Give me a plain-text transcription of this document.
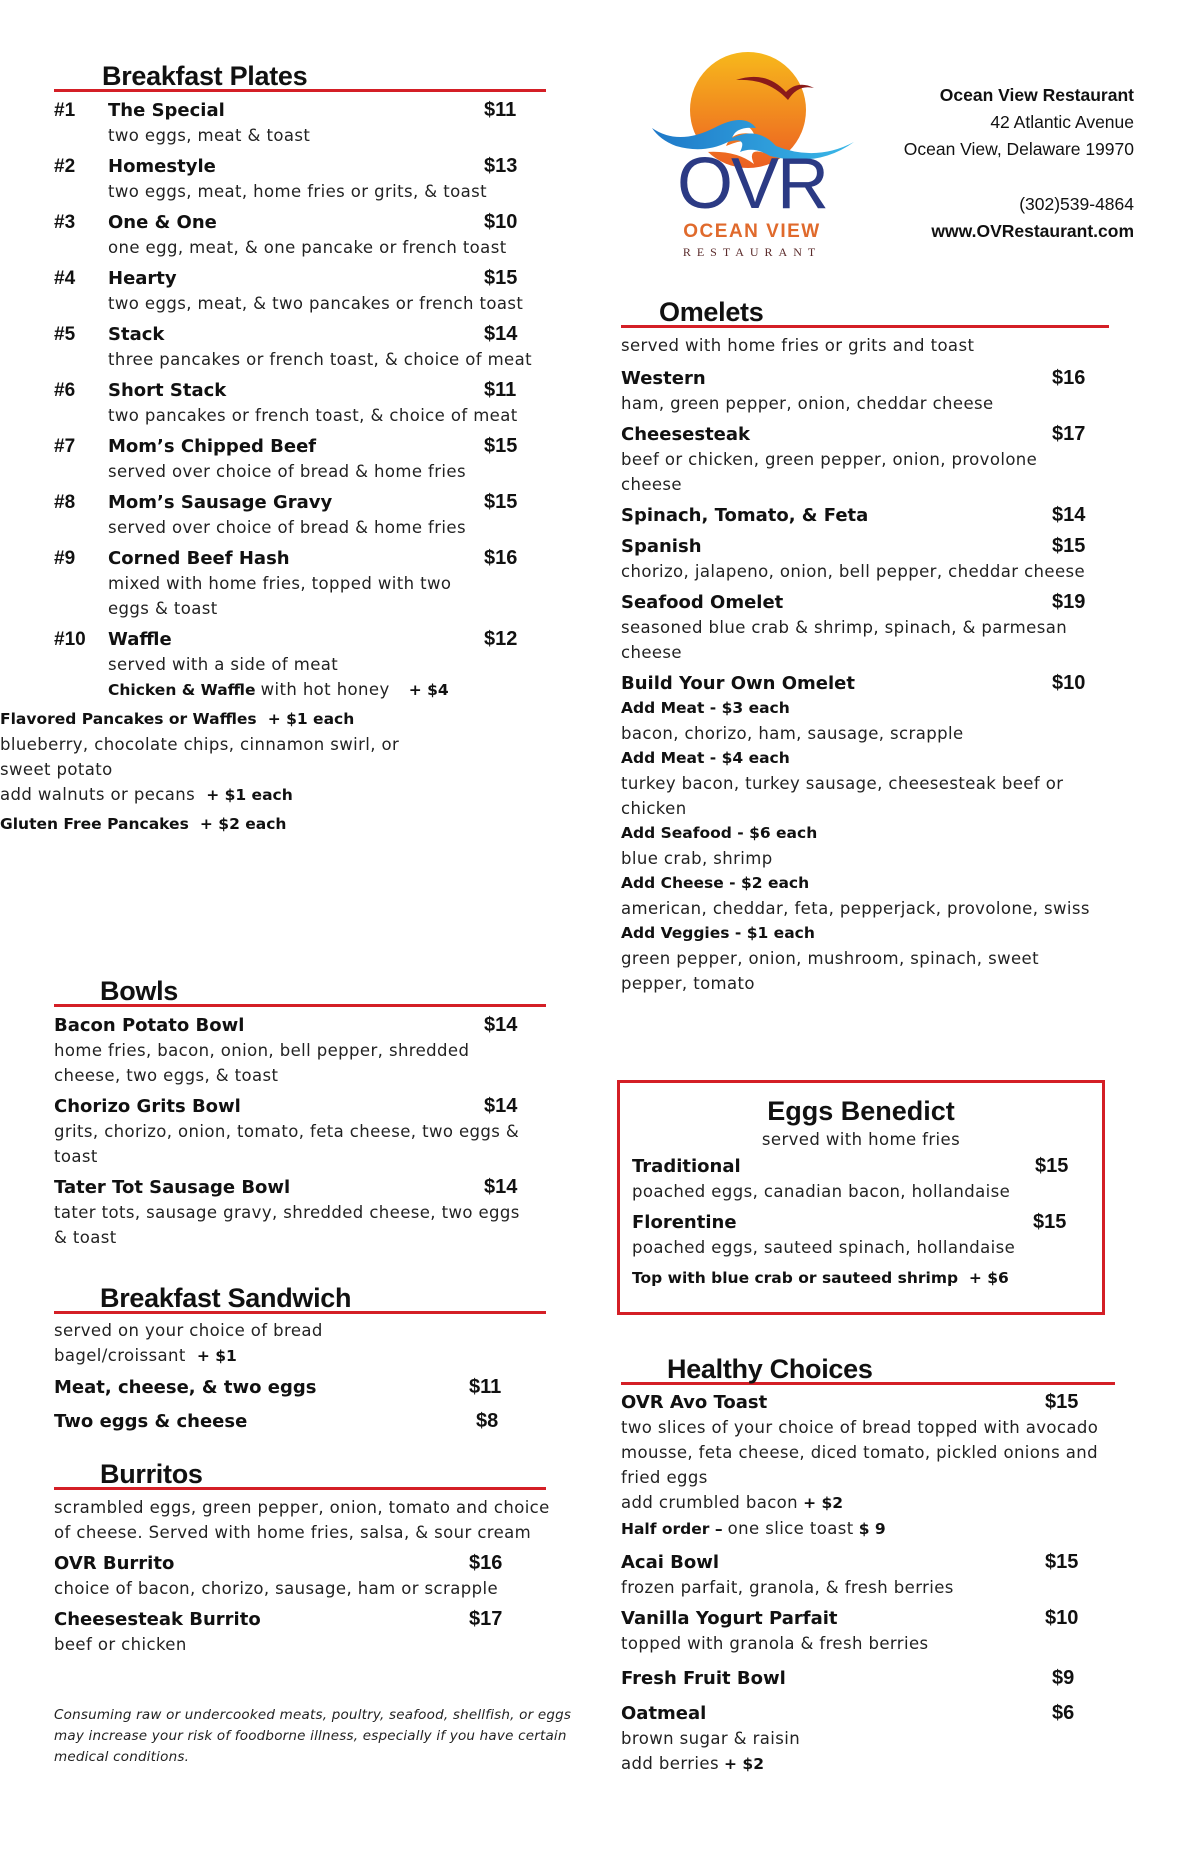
Breakfast Plates
#1 The Special	$11
two eggs, meat & toast
#2 Homestyle	$13
two eggs, meat, home fries or grits, & toast
#3 One & One	$10
one egg, meat, & one pancake or french toast
#4 Hearty	$15
two eggs, meat, & two pancakes or french toast
#5 Stack	$14
three pancakes or french toast, & choice of meat
#6 Short Stack	$11
two pancakes or french toast, & choice of meat
#7 Mom’s Chipped Beef	$15
served over choice of bread & home fries
#8 Mom’s Sausage Gravy	$15
served over choice of bread & home fries
#9 Corned Beef Hash	$16
mixed with home fries, topped with two eggs & toast
#10 Waffle	$12
served with a side of meat
Chicken & Waffle with hot honey + $4
Flavored Pancakes or Waffles + $1 each
blueberry, chocolate chips, cinnamon swirl, or sweet potato
add walnuts or pecans + $1 each
Gluten Free Pancakes + $2 each
Bowls
Bacon Potato Bowl	$14
home fries, bacon, onion, bell pepper, shredded cheese, two eggs, & toast
Chorizo Grits Bowl	$14
grits, chorizo, onion, tomato, feta cheese, two eggs & toast
Tater Tot Sausage Bowl	$14
tater tots, sausage gravy, shredded cheese, two eggs & toast
Breakfast Sandwich
served on your choice of bread
bagel/croissant + $1
Meat, cheese, & two eggs	$11
Two eggs & cheese	$8
Burritos
scrambled eggs, green pepper, onion, tomato and choice of cheese. Served with home fries, salsa, & sour cream
OVR Burrito	$16
choice of bacon, chorizo, sausage, ham or scrapple
Cheesesteak Burrito	$17
beef or chicken
Consuming raw or undercooked meats, poultry, seafood, shellfish, or eggs may increase your risk of foodborne illness, especially if you have certain medical conditions.
OVR
OCEAN VIEW
RESTAURANT
Ocean View Restaurant
42 Atlantic Avenue
Ocean View, Delaware 19970
(302)539-4864
www.OVRestaurant.com
Omelets
served with home fries or grits and toast
Western	$16
ham, green pepper, onion, cheddar cheese
Cheesesteak	$17
beef or chicken, green pepper, onion, provolone cheese
Spinach, Tomato, & Feta	$14
Spanish	$15
chorizo, jalapeno, onion, bell pepper, cheddar cheese
Seafood Omelet	$19
seasoned blue crab & shrimp, spinach, & parmesan cheese
Build Your Own Omelet	$10
Add Meat - $3 each
bacon, chorizo, ham, sausage, scrapple
Add Meat - $4 each
turkey bacon, turkey sausage, cheesesteak beef or chicken
Add Seafood - $6 each
blue crab, shrimp
Add Cheese - $2 each
american, cheddar, feta, pepperjack, provolone, swiss
Add Veggies - $1 each
green pepper, onion, mushroom, spinach, sweet pepper, tomato
Eggs Benedict
served with home fries
Traditional	$15
poached eggs, canadian bacon, hollandaise
Florentine	$15
poached eggs, sauteed spinach, hollandaise
Top with blue crab or sauteed shrimp  + $6
Healthy Choices
OVR Avo Toast	$15
two slices of your choice of bread topped with avocado mousse, feta cheese, diced tomato, pickled onions and fried eggs
add crumbled bacon + $2
Half order – one slice toast $ 9
Acai Bowl	$15
frozen parfait, granola, & fresh berries
Vanilla Yogurt Parfait	$10
topped with granola & fresh berries
Fresh Fruit Bowl	$9
Oatmeal	$6
brown sugar & raisin
add berries + $2
